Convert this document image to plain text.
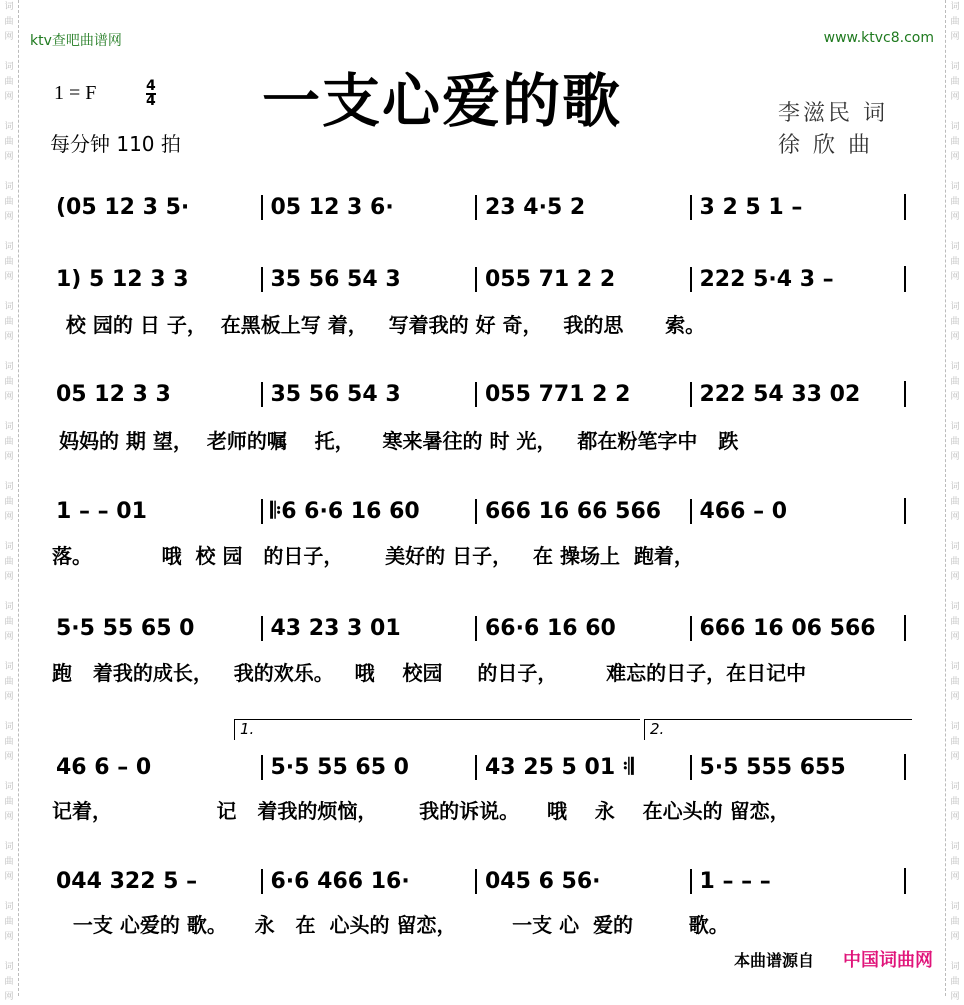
词
曲
网
词
曲
网
词
曲
网
词
曲
网
词
曲
网
词
曲
网
词
曲
网
词
曲
网
词
曲
网
词
曲
网
词
曲
网
词
曲
网
词
曲
网
词
曲
网
词
曲
网
词
曲
网
词
曲
网
词
曲
网
词
曲
网
词
曲
网
词
曲
网
词
曲
网
词
曲
网
词
曲
网
词
曲
网
词
曲
网
词
曲
网
词
曲
网
词
曲
网
词
曲
网
词
曲
网
词
曲
网
词
曲
网
词
曲
网
ktv查吧曲谱网	www.ktvc8.com
1 = F	4
4
每分钟 110 拍
一支心爱的歌	李滋民 词
徐 欣 曲
(05 12 3 5·	05 12 3 6·	23 4·5 2	3 2 5 1 –
1) 5 12 3 3	35 56 54 3	055 71 2 2	222 5·4 3 –
校 园的 日 子，  在黑板上写 着，   写着我的 好 奇，   我的思      索。
05 12 3 3	35 56 54 3	055 771 2 2	222 54 33 02
妈妈的 期 望，  老师的嘱    托，    寒来暑往的 时 光，   都在粉笔字中   跌
1 – – 01	𝄆6 6·6 16 60	666 16 66 566	466 – 0
落。          哦  校 园   的日子，      美好的 日子，   在 操场上  跑着，
5·5 55 65 0	43 23 3 01	66·6 16 60	666 16 06 566
跑   着我的成长，   我的欢乐。   哦    校园     的日子，       难忘的日子，在日记中
46 6 – 0	5·5 55 65 0	43 25 5 01 𝄇	5·5 555 655
记着，               记   着我的烦恼，      我的诉说。    哦    永    在心头的 留恋，
044 322 5 –	6·6 466 16·	045 6 56·	1 – – –
一支 心爱的 歌。    永   在  心头的 留恋，        一支 心  爱的        歌。
1.	2.
本曲谱源自 中国词曲网
